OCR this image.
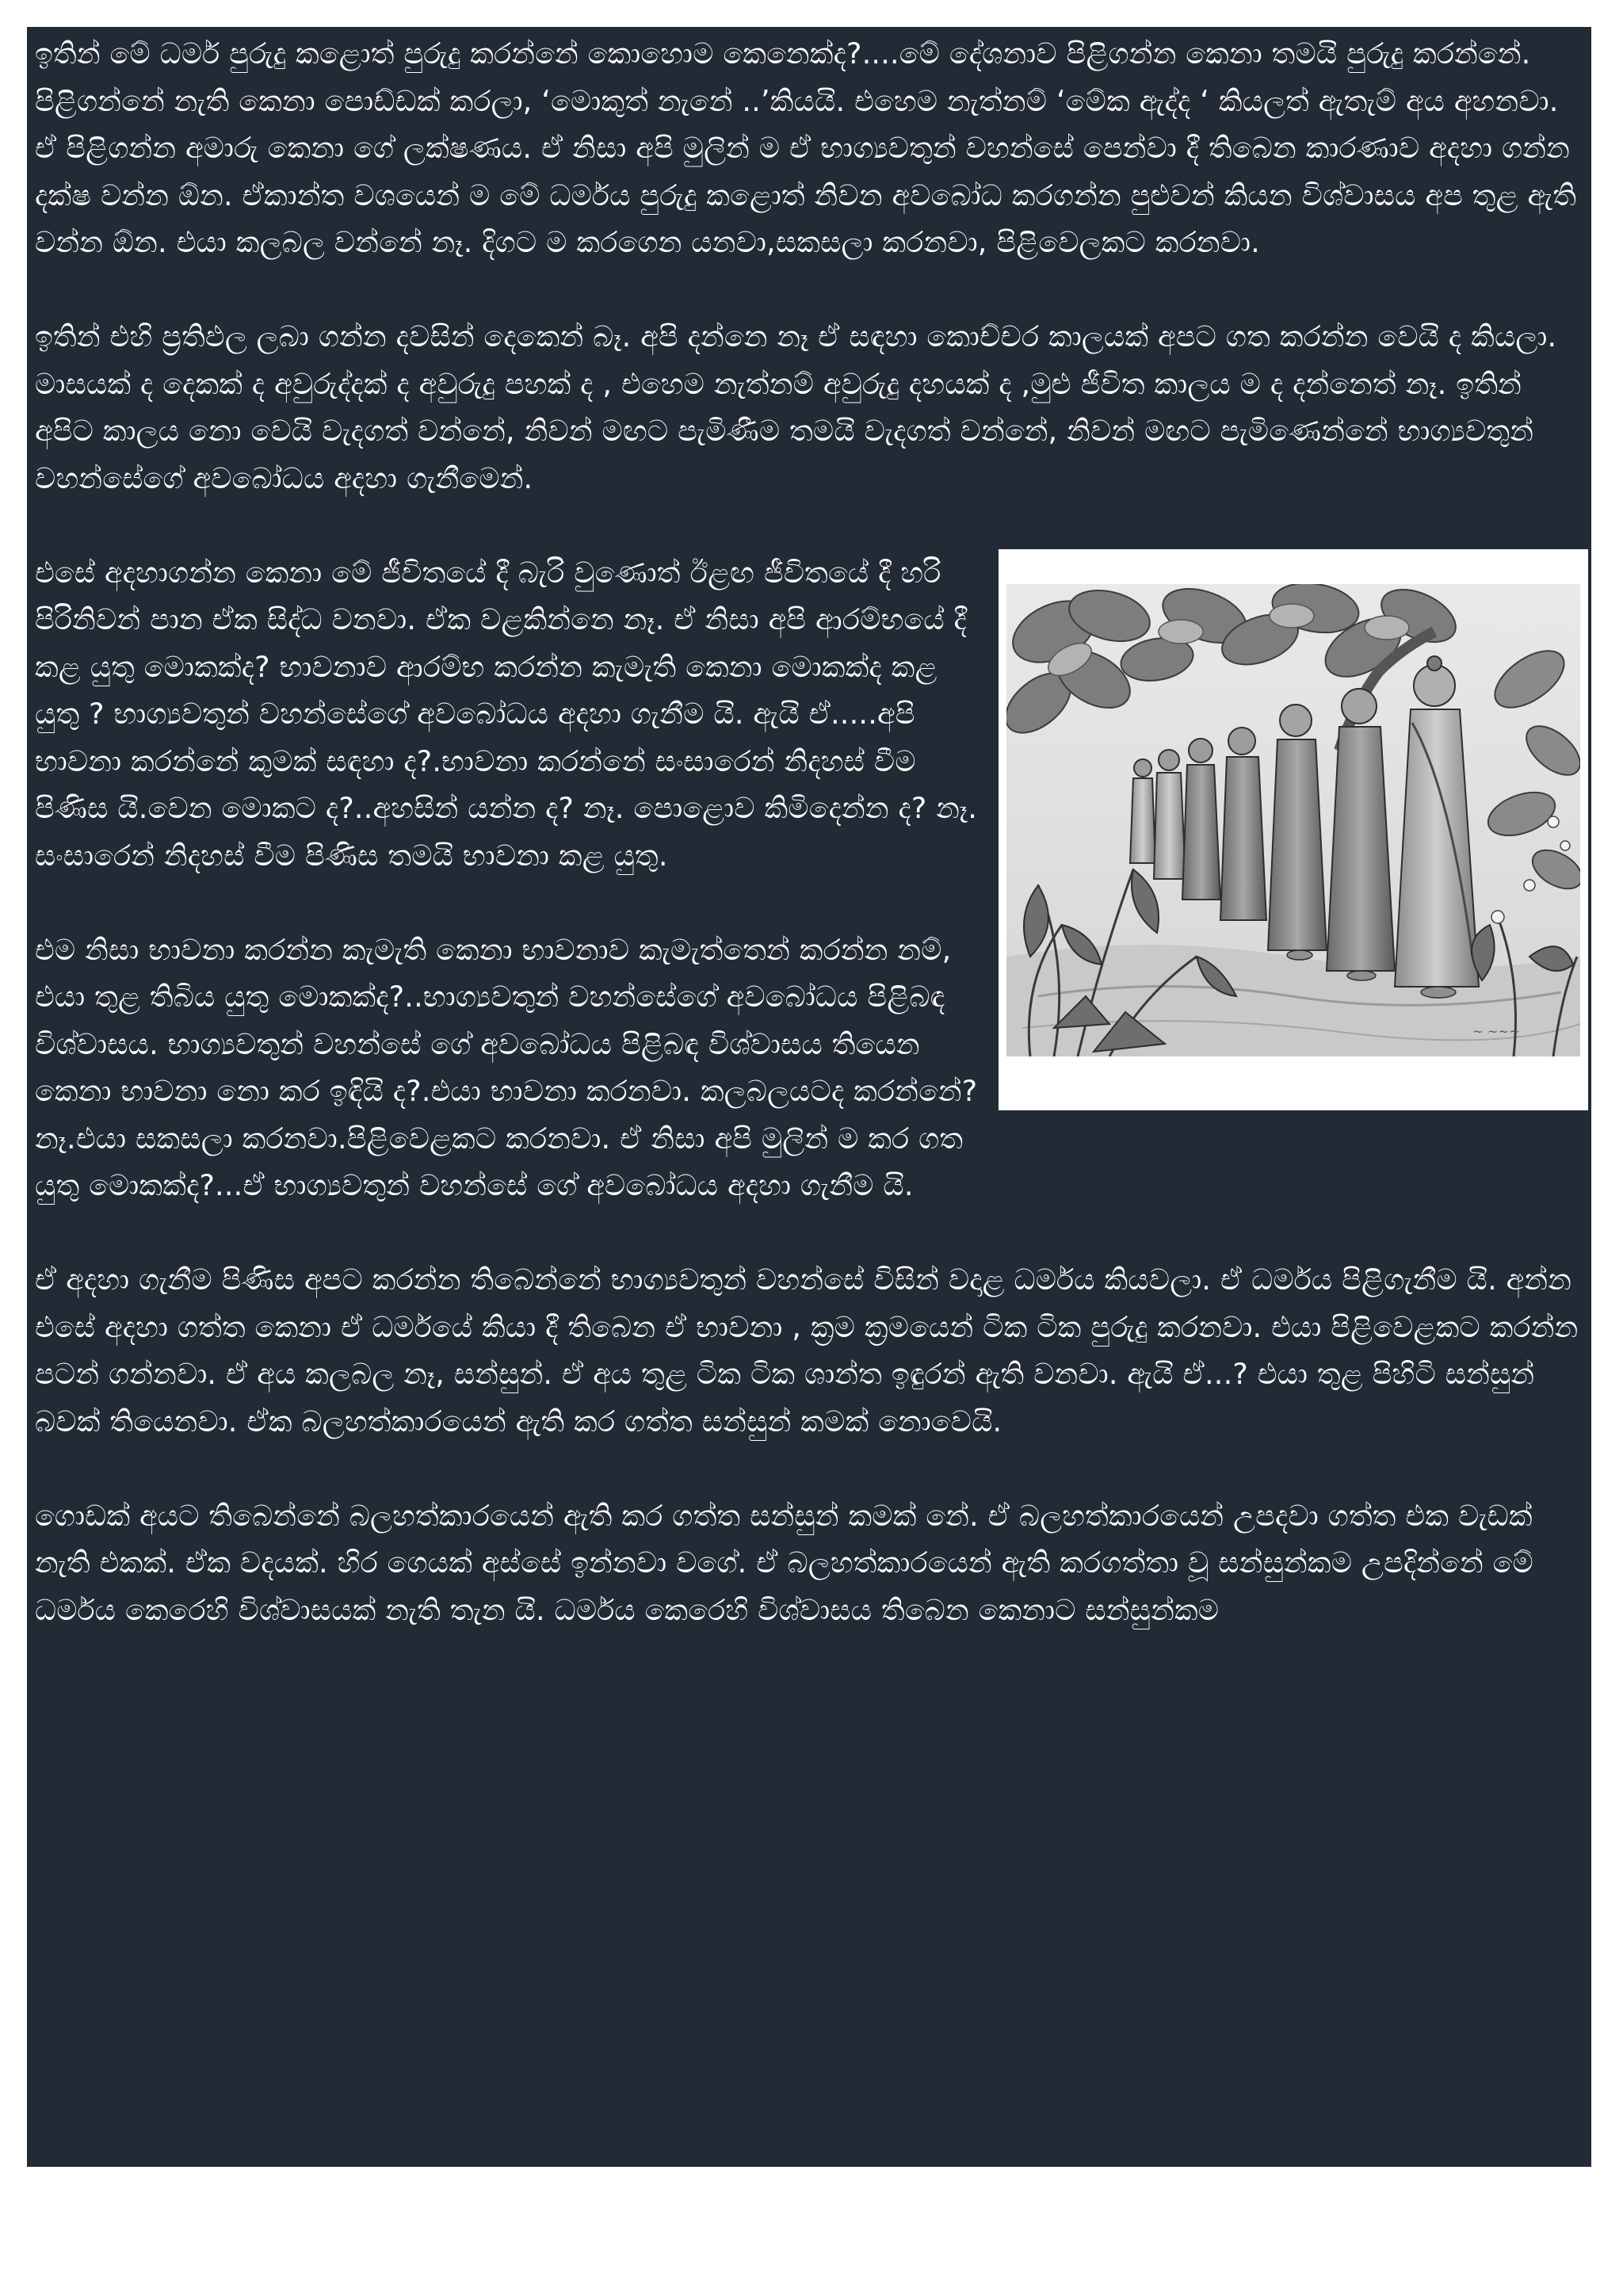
ඉතින් මේ ධර්ම පුරුදු කළොත් පුරුදු කරන්නේ කොහොම කෙනෙක්ද?....මේ දේශනාව පිළිගන්න කෙනා තමයි පුරුදු කරන්නේ. පිළිගන්නේ නැති කෙනා පොඩ්ඩක් කරලා, ‘මොකුත් නැනේ ..’කියයි. එහෙම නැත්නම් ‘මේක ඇද්ද ‘ කියලත් ඇතැම් අය අහනවා. ඒ පිළිගන්න අමාරු කෙනා ගේ ලක්ෂණය. ඒ නිසා අපි මුලින් ම ඒ භාග්‍යවතුන් වහන්සේ පෙන්වා දී තිබෙන කාරණාව අදහා ගන්න දක්ෂ වන්න ඕන. ඒකාන්ත වශයෙන් ම මේ ධර්මය පුරුදු කළොත් නිවන අවබෝධ කරගන්න පුළුවන් කියන විශ්වාසය අප තුළ ඇති වන්න ඕන. එයා කලබල වන්නේ නෑ. දිගට ම කරගෙන යනවා,සකසලා කරනවා, පිළිවෙලකට කරනවා.

ඉතින් එහි ප්‍රතිඵල ලබා ගන්න දවසින් දෙකෙන් බෑ. අපි දන්නෙ නෑ ඒ සඳහා කොච්චර කාලයක් අපට ගත කරන්න වෙයි ද කියලා. මාසයක් ද දෙකක් ද අවුරුද්දක් ද අවුරුදු පහක් ද , එහෙම නැත්නම් අවුරුදු දහයක් ද ,මුළු ජීවිත කාලය ම ද දන්නෙත් නෑ. ඉතින් අපිට කාලය නො වෙයි වැදගත් වන්නේ, නිවන් මඟට පැමිණීම තමයි වැදගත් වන්නේ, නිවන් මඟට පැමිණෙන්නේ භාග්‍යවතුන් වහන්සේගේ අවබෝධය අදහා ගැනීමෙන්.

~ ~~~

එසේ අදහාගන්න කෙනා මේ ජීවිතයේ දී බැරි වුණොත් ඊළඟ ජීවිතයේ දී හරි පිරිනිවන් පාන ඒක සිද්ධ වනවා. ඒක වළකින්නෙ නෑ. ඒ නිසා අපි ආරම්භයේ දී කළ යුතු මොකක්ද? භාවනාව ආරම්භ කරන්න කැමැති කෙනා මොකක්ද කළ යුතු ? භාග්‍යවතුන් වහන්සේගේ අවබෝධය අදහා ගැනීම යි. ඇයි ඒ.....අපි භාවනා කරන්නේ කුමක් සඳහා ද?.භාවනා කරන්නේ සංසාරෙන් නිදහස් වීම පිණිස යි.වෙන මොකට ද?..අහසින් යන්න ද? නෑ. පොළොව කිමිදෙන්න ද? නෑ. සංසාරෙන් නිදහස් වීම පිණිස තමයි භාවනා කළ යුතු.

එම නිසා භාවනා කරන්න කැමැති කෙනා භාවනාව කැමැත්තෙන් කරන්න නම්, එයා තුළ තිබිය යුතු මොකක්ද?..භාග්‍යවතුන් වහන්සේගේ අවබෝධය පිළිබඳ විශ්වාසය. භාග්‍යවතුන් වහන්සේ ගේ අවබෝධය පිළිබඳ විශ්වාසය තියෙන කෙනා භාවනා නො කර ඉඳියි ද?.එයා භාවනා කරනවා. කලබලයටද කරන්නේ? නෑ.එයා සකසලා කරනවා.පිළිවෙළකට කරනවා. ඒ නිසා අපි මුලින් ම කර ගත යුතු මොකක්ද?...ඒ භාග්‍යවතුන් වහන්සේ ගේ අවබෝධය අදහා ගැනීම යි.

ඒ අදහා ගැනීම පිණිස අපට කරන්න තිබෙන්නේ භාග්‍යවතුන් වහන්සේ විසින් වදාළ ධර්මය කියවලා. ඒ ධර්මය පිළිගැනීම යි. අන්න එසේ අදහා ගත්ත කෙනා ඒ ධර්මයේ කියා දී තිබෙන ඒ භාවනා , ක්‍රම ක්‍රමයෙන් ටික ටික පුරුදු කරනවා. එයා පිළිවෙළකට කරන්න පටන් ගන්නවා. ඒ අය කලබල නෑ, සන්සුන්. ඒ අය තුළ ටික ටික ශාන්ත ඉඳුරන් ඇති වනවා. ඇයි ඒ...? එයා තුළ පිහිටි සන්සුන් බවක් තියෙනවා. ඒක බලහත්කාරයෙන් ඇති කර ගත්ත සන්සුන් කමක් නොවෙයි.

ගොඩක් අයට තිබෙන්නේ බලහත්කාරයෙන් ඇති කර ගත්ත සන්සුන් කමක් නේ. ඒ බලහත්කාරයෙන් උපදවා ගත්ත එක වැඩක් නැති එකක්. ඒක වදයක්. හිර ගෙයක් අස්සේ ඉන්නවා වගේ. ඒ බලහත්කාරයෙන් ඇති කරගත්තා වූ සන්සුන්කම උපදින්නේ මේ ධර්මය කෙරෙහි විශ්වාසයක් නැති තැන යි. ධර්මය කෙරෙහි විශ්වාසය තිබෙන කෙනාට සන්සුන්කම
